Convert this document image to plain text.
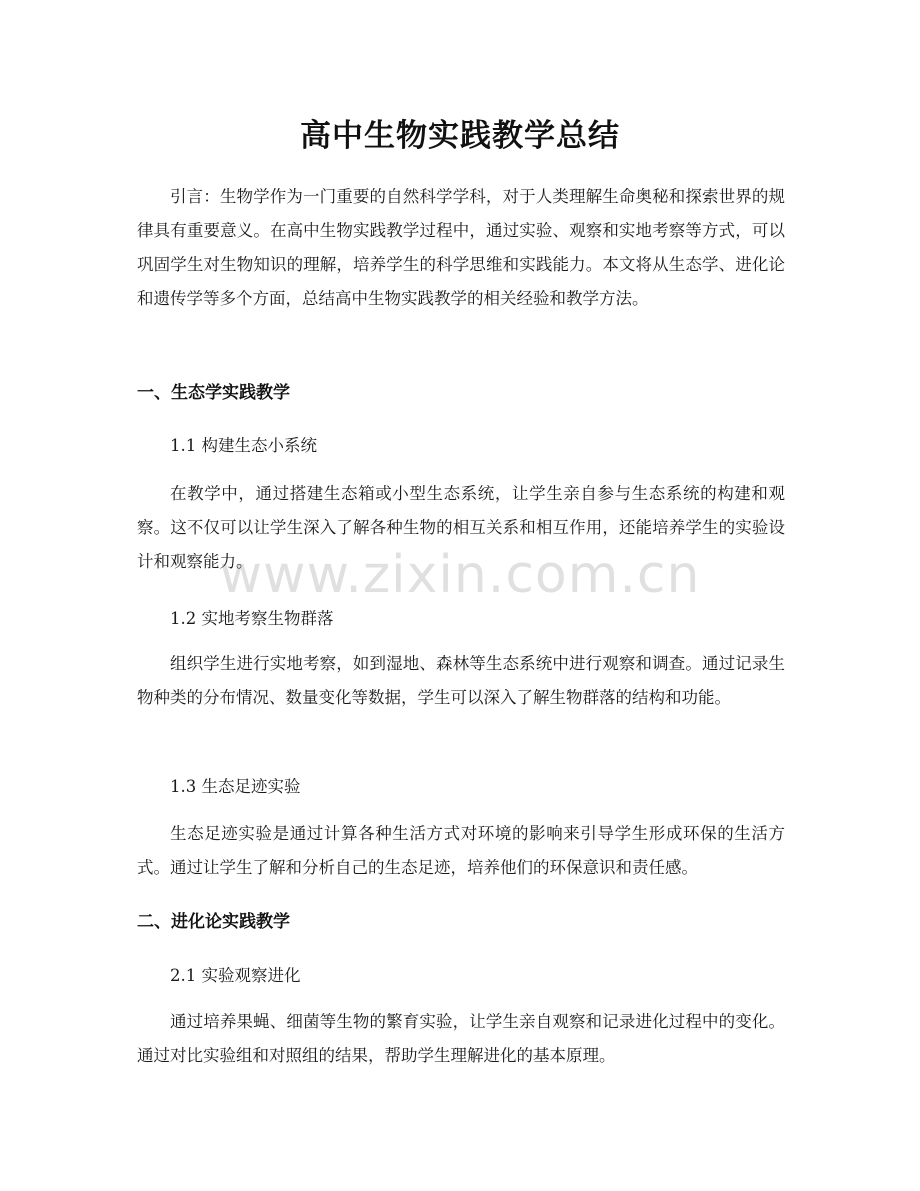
高中生物实践教学总结

引言：生物学作为一门重要的自然科学学科，对于人类理解生命奥秘和探索世界的规律具有重要意义。在高中生物实践教学过程中，通过实验、观察和实地考察等方式，可以巩固学生对生物知识的理解，培养学生的科学思维和实践能力。本文将从生态学、进化论和遗传学等多个方面，总结高中生物实践教学的相关经验和教学方法。

一、生态学实践教学
1.1 构建生态小系统

在教学中，通过搭建生态箱或小型生态系统，让学生亲自参与生态系统的构建和观察。这不仅可以让学生深入了解各种生物的相互关系和相互作用，还能培养学生的实验设计和观察能力。

1.2 实地考察生物群落

组织学生进行实地考察，如到湿地、森林等生态系统中进行观察和调查。通过记录生物种类的分布情况、数量变化等数据，学生可以深入了解生物群落的结构和功能。

1.3 生态足迹实验

生态足迹实验是通过计算各种生活方式对环境的影响来引导学生形成环保的生活方式。通过让学生了解和分析自己的生态足迹，培养他们的环保意识和责任感。

二、进化论实践教学
2.1 实验观察进化

通过培养果蝇、细菌等生物的繁育实验，让学生亲自观察和记录进化过程中的变化。通过对比实验组和对照组的结果，帮助学生理解进化的基本原理。

www.zixin.com.cn
